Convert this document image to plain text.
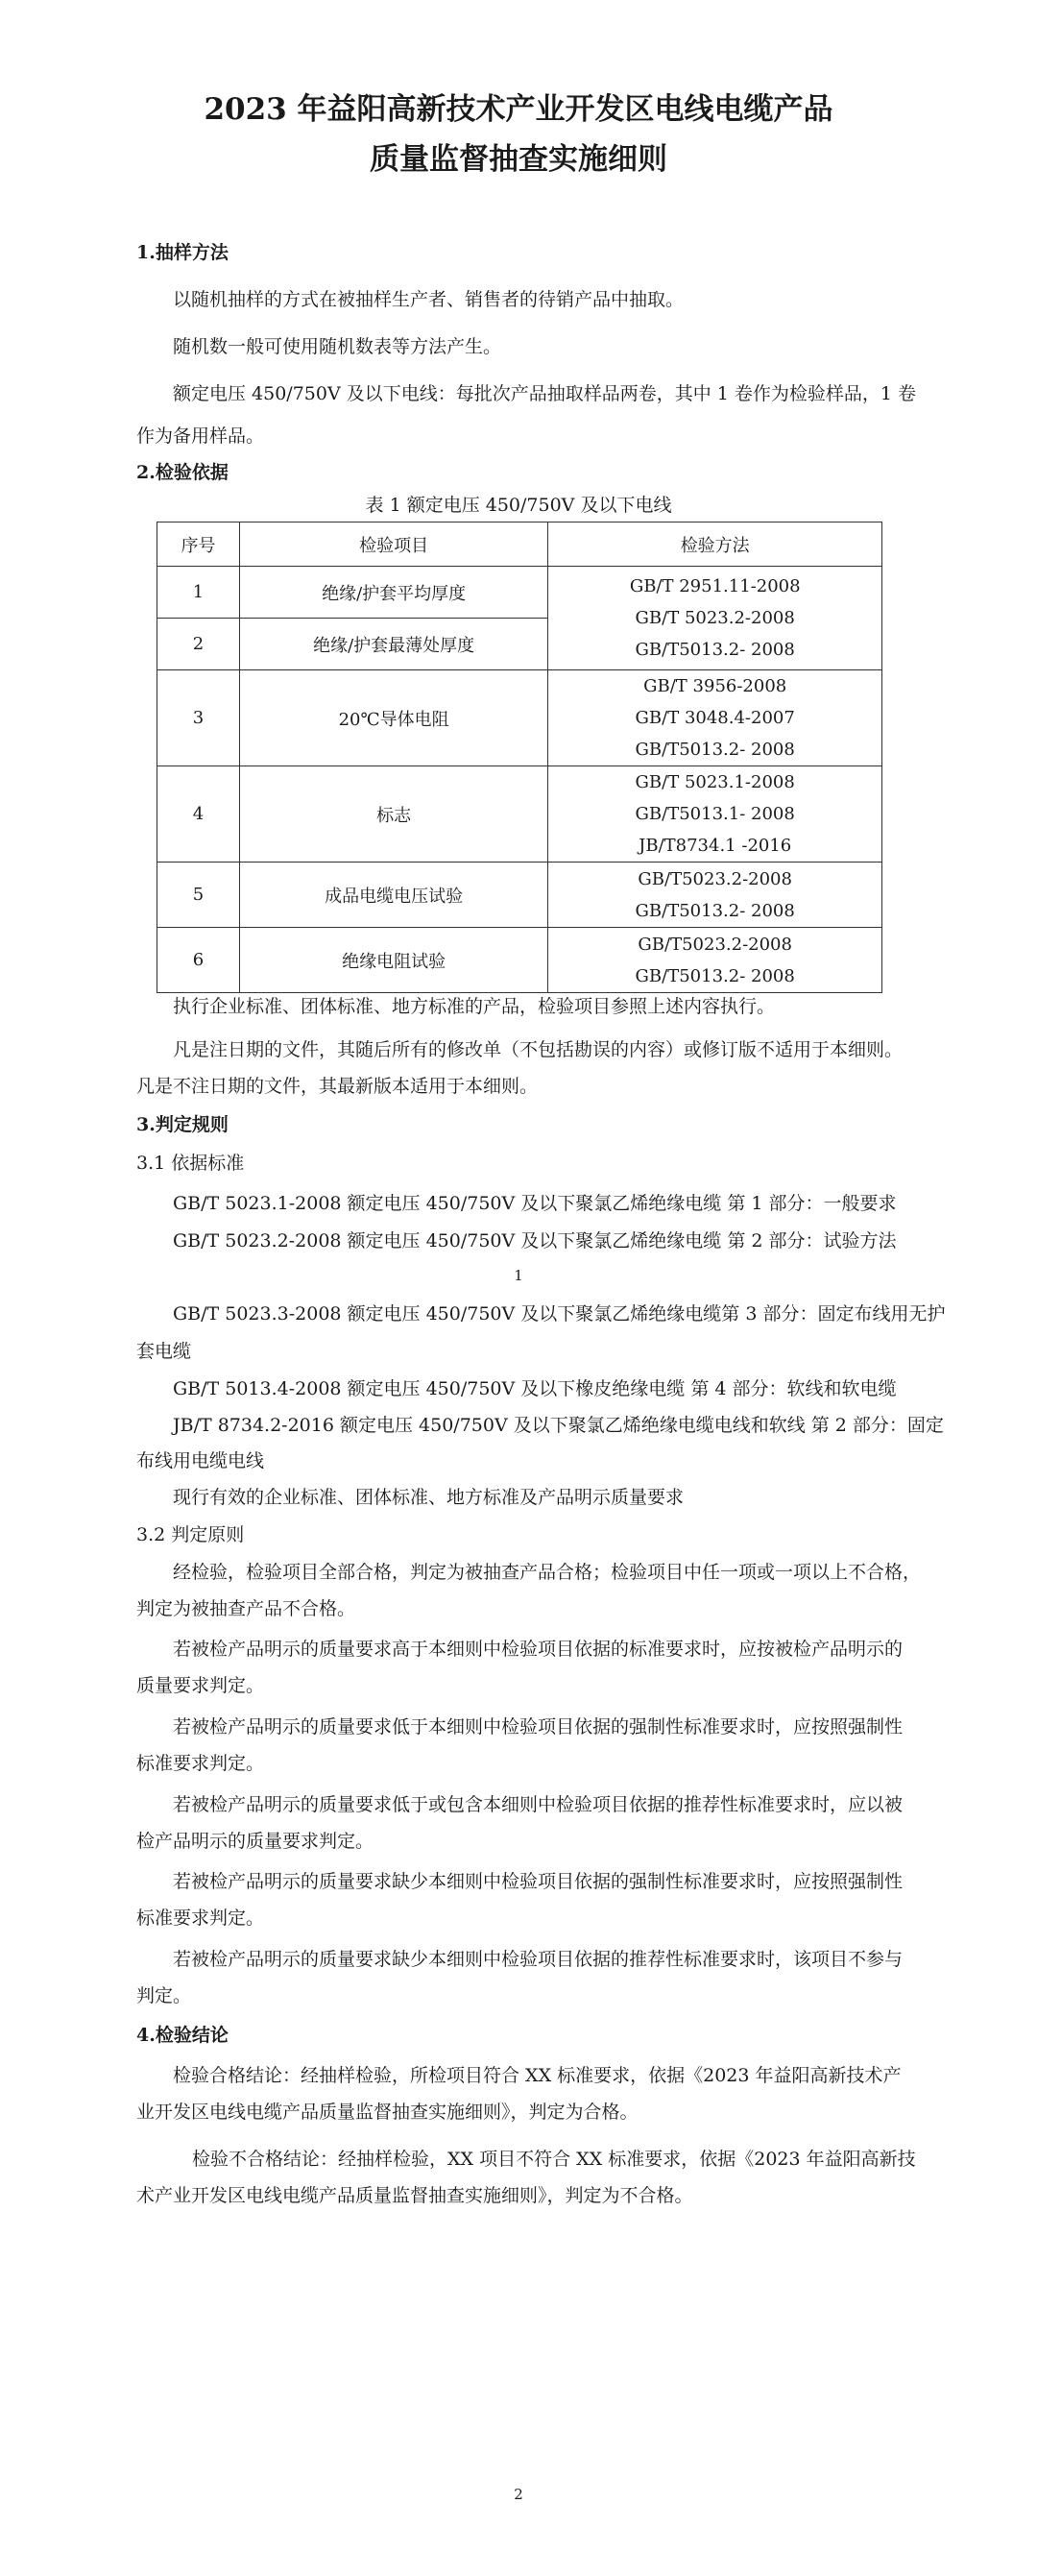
2023 年益阳高新技术产业开发区电线电缆产品
质量监督抽查实施细则
1.抽样方法
以随机抽样的方式在被抽样生产者、销售者的待销产品中抽取。
随机数一般可使用随机数表等方法产生。
额定电压 450/750V 及以下电线：每批次产品抽取样品两卷，其中 1 卷作为检验样品，1 卷
作为备用样品。
2.检验依据
表 1 额定电压 450/750V 及以下电线
序号	检验项目	检验方法
1	绝缘/护套平均厚度	GB/T 2951.11-2008
GB/T 5023.2-2008
GB/T5013.2- 2008

2	绝缘/护套最薄处厚度	
3	20℃导体电阻	GB/T 3956-2008
GB/T 3048.4-2007
GB/T5013.2- 2008

4	标志	GB/T 5023.1-2008
GB/T5013.1- 2008
JB/T8734.1 -2016

5	成品电缆电压试验	GB/T5023.2-2008
GB/T5013.2- 2008

6	绝缘电阻试验	GB/T5023.2-2008
GB/T5013.2- 2008
执行企业标准、团体标准、地方标准的产品，检验项目参照上述内容执行。
凡是注日期的文件，其随后所有的修改单（不包括勘误的内容）或修订版不适用于本细则。
凡是不注日期的文件，其最新版本适用于本细则。
3.判定规则
3.1 依据标准
GB/T 5023.1-2008 额定电压 450/750V 及以下聚氯乙烯绝缘电缆 第 1 部分：一般要求
GB/T 5023.2-2008 额定电压 450/750V 及以下聚氯乙烯绝缘电缆 第 2 部分：试验方法
1
GB/T 5023.3-2008 额定电压 450/750V 及以下聚氯乙烯绝缘电缆第 3 部分：固定布线用无护
套电缆
GB/T 5013.4-2008 额定电压 450/750V 及以下橡皮绝缘电缆 第 4 部分：软线和软电缆
JB/T 8734.2-2016 额定电压 450/750V 及以下聚氯乙烯绝缘电缆电线和软线 第 2 部分：固定
布线用电缆电线
现行有效的企业标准、团体标准、地方标准及产品明示质量要求
3.2 判定原则
经检验，检验项目全部合格，判定为被抽查产品合格；检验项目中任一项或一项以上不合格，
判定为被抽查产品不合格。
若被检产品明示的质量要求高于本细则中检验项目依据的标准要求时，应按被检产品明示的
质量要求判定。
若被检产品明示的质量要求低于本细则中检验项目依据的强制性标准要求时，应按照强制性
标准要求判定。
若被检产品明示的质量要求低于或包含本细则中检验项目依据的推荐性标准要求时，应以被
检产品明示的质量要求判定。
若被检产品明示的质量要求缺少本细则中检验项目依据的强制性标准要求时，应按照强制性
标准要求判定。
若被检产品明示的质量要求缺少本细则中检验项目依据的推荐性标准要求时，该项目不参与
判定。
4.检验结论
检验合格结论：经抽样检验，所检项目符合 XX 标准要求，依据《2023 年益阳高新技术产
业开发区电线电缆产品质量监督抽查实施细则》，判定为合格。
检验不合格结论：经抽样检验，XX 项目不符合 XX 标准要求，依据《2023 年益阳高新技
术产业开发区电线电缆产品质量监督抽查实施细则》，判定为不合格。
2
